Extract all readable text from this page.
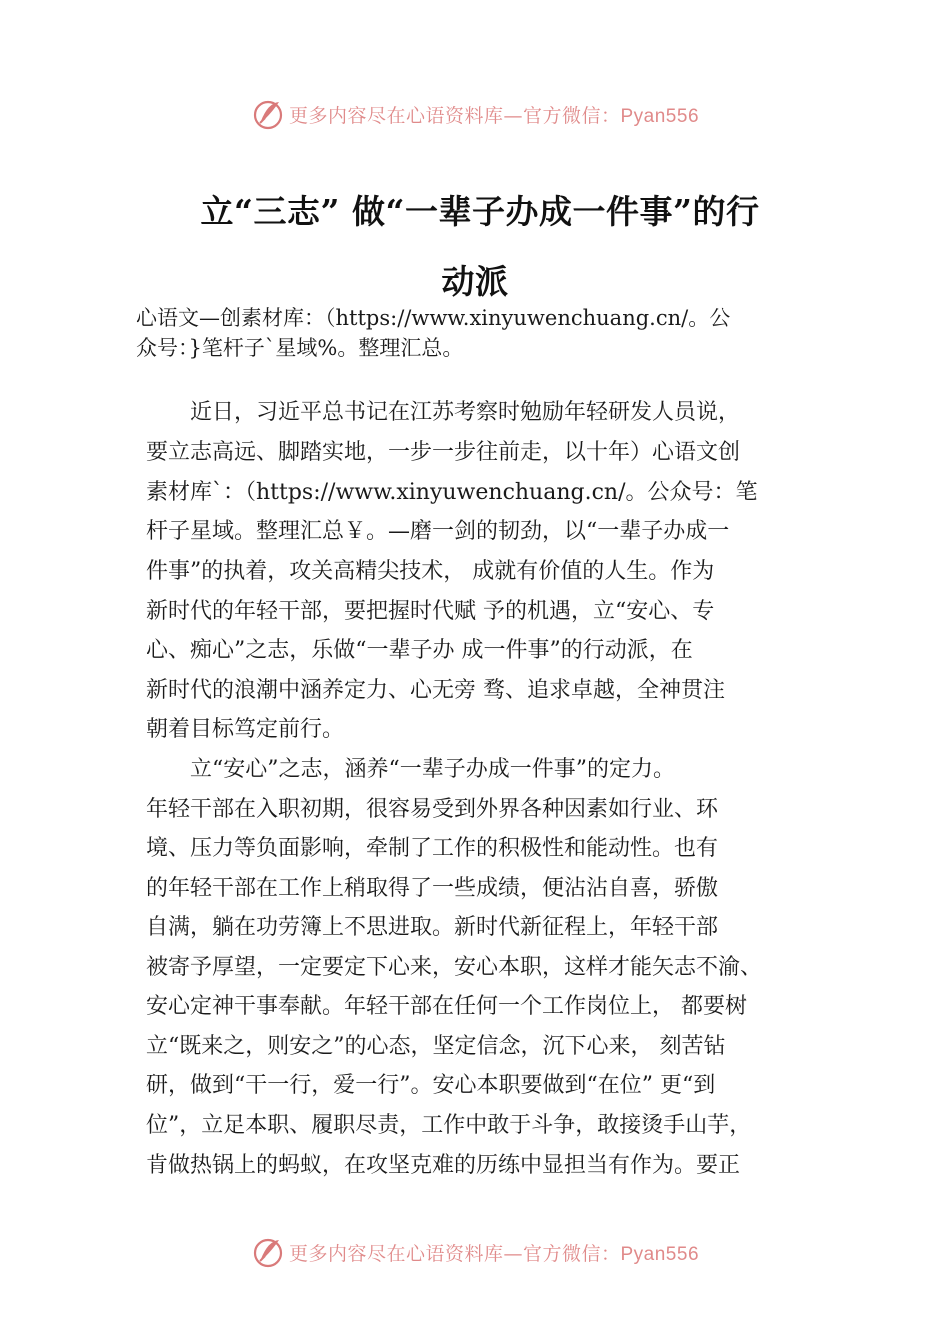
更多内容尽在心语资料库—官方微信：Pyan556
立“三志” 做“一辈子办成一件事”的行
动派
心语文—创素材库：（https://www.xinyuwenchuang.cn/。公
众号：}笔杆子`星域%。整理汇总。
　　近日，习近平总书记在江苏考察时勉励年轻研发人员说，
要立志高远、脚踏实地，一步一步往前走，以十年）心语文创
素材库`：（https://www.xinyuwenchuang.cn/。公众号：笔
杆子星域。整理汇总￥。—磨一剑的韧劲，以“一辈子办成一
件事”的执着，攻关高精尖技术， 成就有价值的人生。作为
新时代的年轻干部，要把握时代赋 予的机遇，立“安心、专
心、痴心”之志，乐做“一辈子办 成一件事”的行动派，在
新时代的浪潮中涵养定力、心无旁 骛、追求卓越，全神贯注
朝着目标笃定前行。
　　立“安心”之志，涵养“一辈子办成一件事”的定力。
年轻干部在入职初期，很容易受到外界各种因素如行业、环
境、压力等负面影响，牵制了工作的积极性和能动性。也有
的年轻干部在工作上稍取得了一些成绩，便沾沾自喜，骄傲
自满，躺在功劳簿上不思进取。新时代新征程上，年轻干部
被寄予厚望，一定要定下心来，安心本职，这样才能矢志不渝、
安心定神干事奉献。年轻干部在任何一个工作岗位上， 都要树
立“既来之，则安之”的心态，坚定信念，沉下心来， 刻苦钻
研，做到“干一行，爱一行”。安心本职要做到“在位” 更“到
位”，立足本职、履职尽责，工作中敢于斗争，敢接烫手山芋，
肯做热锅上的蚂蚁，在攻坚克难的历练中显担当有作为。要正
更多内容尽在心语资料库—官方微信：Pyan556
